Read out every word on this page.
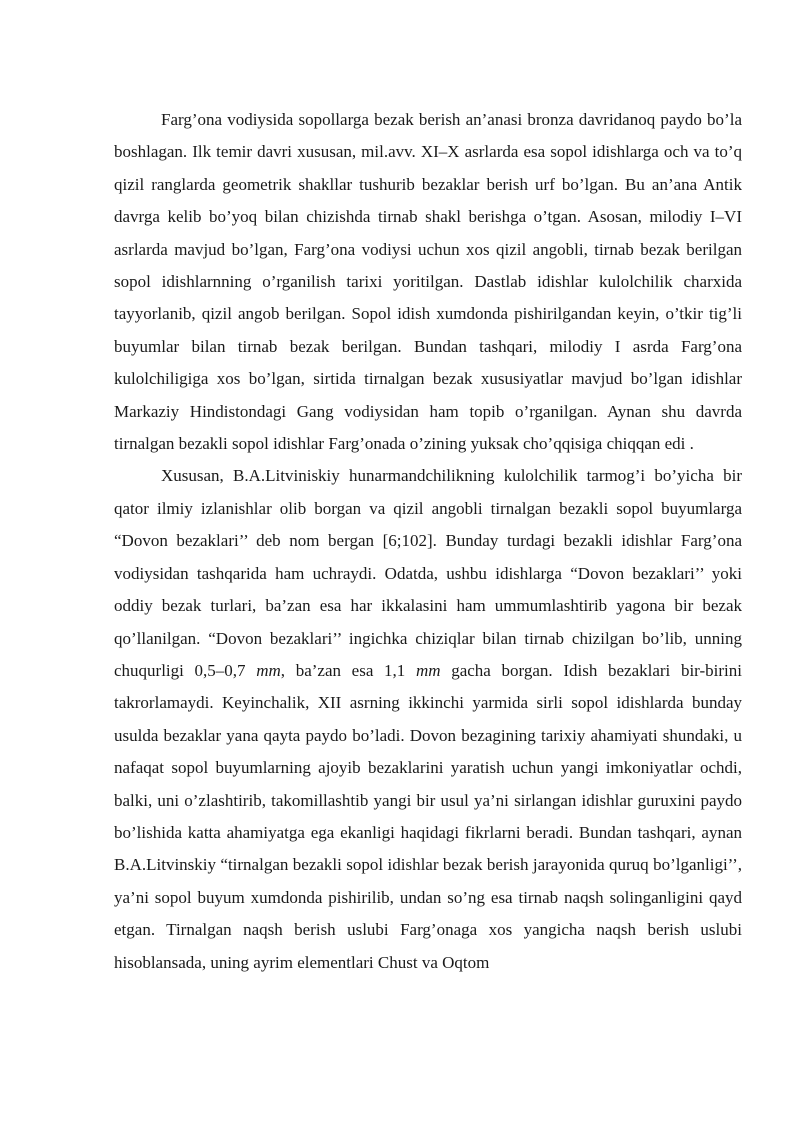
Farg’ona vodiysida sopollarga bezak berish an’anasi bronza davridanoq paydo bo’la boshlagan. Ilk temir davri xususan, mil.avv. XI–X asrlarda esa sopol idishlarga och va to’q qizil ranglarda geometrik shakllar tushurib bezaklar berish urf bo’lgan. Bu an’ana Antik davrga kelib bo’yoq bilan chizishda tirnab shakl berishga o’tgan. Asosan, milodiy I–VI asrlarda mavjud bo’lgan, Farg’ona vodiysi uchun xos qizil angobli, tirnab bezak berilgan sopol idishlarnning o’rganilish tarixi yoritilgan. Dastlab idishlar kulolchilik charxida tayyorlanib, qizil angob berilgan. Sopol idish xumdonda pishirilgandan keyin, o’tkir tig’li buyumlar bilan tirnab bezak berilgan. Bundan tashqari, milodiy I asrda Farg’ona kulolchiligiga xos bo’lgan, sirtida tirnalgan bezak xususiyatlar mavjud bo’lgan idishlar Markaziy Hindistondagi Gang vodiysidan ham topib o’rganilgan. Aynan shu davrda tirnalgan bezakli sopol idishlar Farg’onada o’zining yuksak cho’qqisiga chiqqan edi .

Xususan, B.A.Litviniskiy hunarmandchilikning kulolchilik tarmog’i bo’yicha bir qator ilmiy izlanishlar olib borgan va qizil angobli tirnalgan bezakli sopol buyumlarga “Dovon bezaklari’’ deb nom bergan [6;102]. Bunday turdagi bezakli idishlar Farg’ona vodiysidan tashqarida ham uchraydi. Odatda, ushbu idishlarga “Dovon bezaklari’’ yoki oddiy bezak turlari, ba’zan esa har ikkalasini ham ummumlashtirib yagona bir bezak qo’llanilgan. “Dovon bezaklari’’ ingichka chiziqlar bilan tirnab chizilgan bo’lib, unning chuqurligi 0,5–0,7 mm, ba’zan esa 1,1 mm gacha borgan. Idish bezaklari bir-birini takrorlamaydi. Keyinchalik, XII asrning ikkinchi yarmida sirli sopol idishlarda bunday usulda bezaklar yana qayta paydo bo’ladi. Dovon bezagining tarixiy ahamiyati shundaki, u nafaqat sopol buyumlarning ajoyib bezaklarini yaratish uchun yangi imkoniyatlar ochdi, balki, uni o’zlashtirib, takomillashtib yangi bir usul ya’ni sirlangan idishlar guruxini paydo bo’lishida katta ahamiyatga ega ekanligi haqidagi fikrlarni beradi. Bundan tashqari, aynan B.A.Litvinskiy “tirnalgan bezakli sopol idishlar bezak berish jarayonida quruq bo’lganligi’’, ya’ni sopol buyum xumdonda pishirilib, undan so’ng esa tirnab naqsh solinganligini qayd etgan. Tirnalgan naqsh berish uslubi Farg’onaga xos yangicha naqsh berish uslubi hisoblansada, uning ayrim elementlari Chust va Oqtom
